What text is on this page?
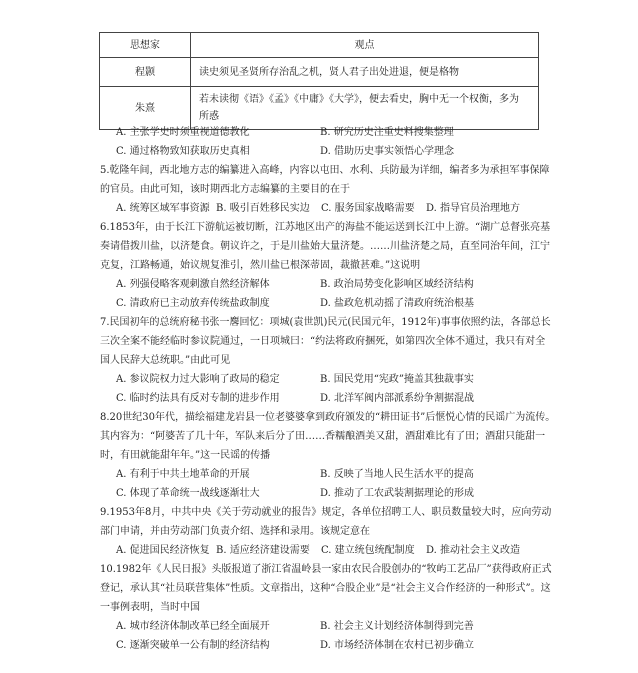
思想家	观点
程颢	读史须见圣贤所存治乱之机，贤人君子出处进退，便是格物
朱熹	若未读彻《语》《孟》《中庸》《大学》，便去看史，胸中无一个权衡，多为
所惑
A. 主张学史时须重视道德教化	B. 研究历史注重史料搜集整理
C. 通过格物致知获取历史真相	D. 借助历史事实领悟心学理念
5.乾隆年间，西北地方志的编纂进入高峰，内容以屯田、水利、兵防最为详细，编者多为承担军事保障
的官员。由此可知，该时期西北方志编纂的主要目的在于
A. 统筹区域军事资源 B. 吸引百姓移民实边 C. 服务国家战略需要 D. 指导官员治理地方
6.1853年，由于长江下游航运被切断，江苏地区出产的海盐不能运送到长江中上游。“湖广总督张亮基
奏请借拨川盐，以济楚食。朝议许之，于是川盐始大量济楚。……川盐济楚之局，直至同治年间，江宁
克复，江路畅通，始议规复淮引，然川盐已根深蒂固，裁撤甚难。”这说明
A. 列强侵略客观刺激自然经济解体	B. 政治局势变化影响区域经济结构
C. 清政府已主动放弃传统盐政制度	D. 盐政危机动摇了清政府统治根基
7.民国初年的总统府秘书张一麐回忆：项城(袁世凯)民元(民国元年，1912年)事事依照约法，各部总长
三次全案不能经临时参议院通过，一日项城曰：“约法将政府捆死，如第四次全体不通过，我只有对全
国人民辞大总统职。”由此可见
A. 参议院权力过大影响了政局的稳定	B. 国民党用“宪政”掩盖其独裁事实
C. 临时约法具有反对专制的进步作用	D. 北洋军阀内部派系纷争割据混战
8.20世纪30年代，描绘福建龙岩县一位老婆婆拿到政府颁发的“耕田证书”后惬悦心情的民谣广为流传。
其内容为：“阿婆苦了几十年，军队来后分了田……香糯酿酒美又甜，酒甜难比有了田；酒甜只能甜一
时，有田就能甜年年。”这一民谣的传播
A. 有利于中共土地革命的开展	B. 反映了当地人民生活水平的提高
C. 体现了革命统一战线逐渐壮大	D. 推动了工农武装割据理论的形成
9.1953年8月，中共中央《关于劳动就业的报告》规定，各单位招聘工人、职员数量较大时，应向劳动
部门申请，并由劳动部门负责介绍、选择和录用。该规定意在
A. 促进国民经济恢复 B. 适应经济建设需要 C. 建立统包统配制度 D. 推动社会主义改造
10.1982年《人民日报》头版报道了浙江省温岭县一家由农民合股创办的“牧屿工艺品厂”获得政府正式
登记，承认其“社员联营集体”性质。文章指出，这种“合股企业”是“社会主义合作经济的一种形式”。这
一事例表明，当时中国
A. 城市经济体制改革已经全面展开	B. 社会主义计划经济体制得到完善
C. 逐渐突破单一公有制的经济结构	D. 市场经济体制在农村已初步确立
